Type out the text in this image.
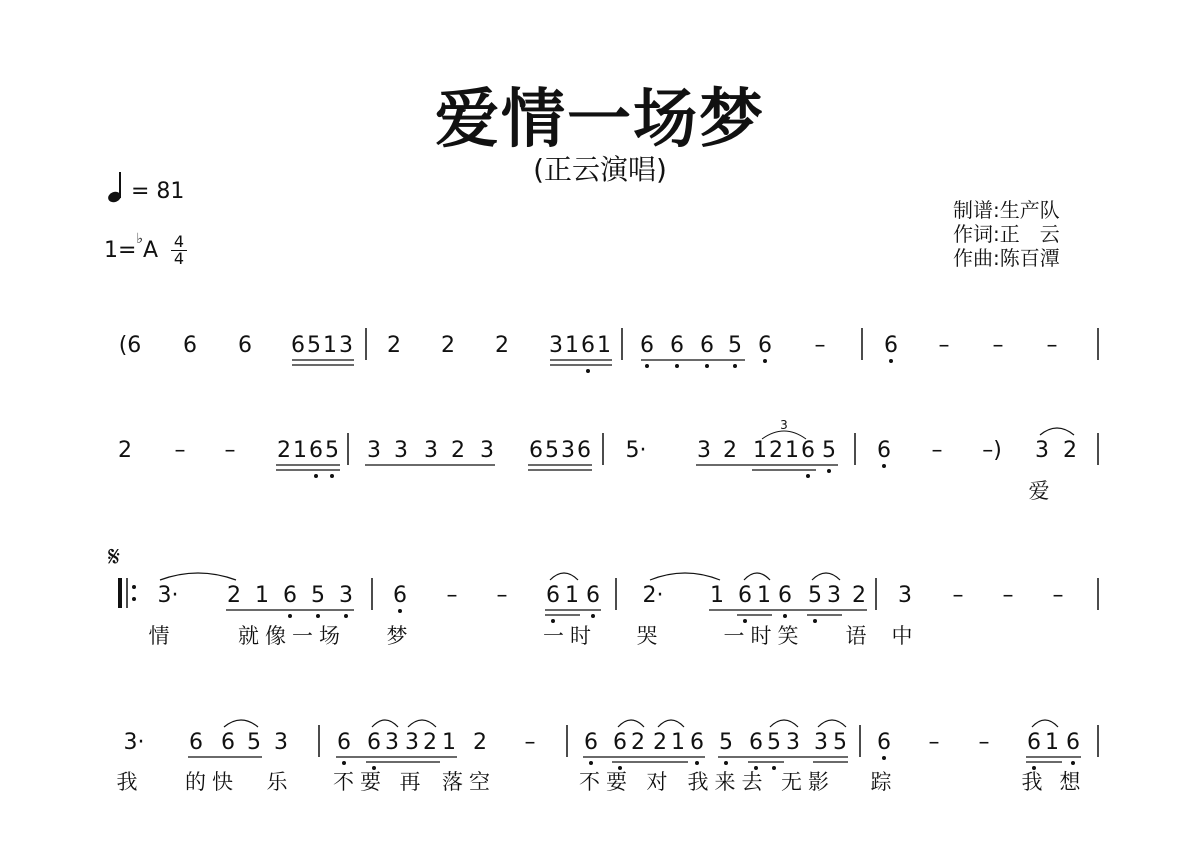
爱情一场梦
(正云演唱)
= 81
1=♭A 4
4
制谱:生产队
作词:正　云
作曲:陈百潭
(6 6 6 6 5 1 3 2 2 2 3 1 6 1 6 6 6 5 6 –	6 – – –
2 – – 2 1 6 5 3 3 3 2 3 6 5 3 6 5· 3 2 1 2 1 6 5 6 – –) 3 2
3
爱
3· 2 1 6 5 3 6 – – 6 1 6 2· 1 6 1 6 5 3 2 3 – – –
情	就像一场 梦	一时 哭	一时笑 语 中
3· 6 6 5 3 6 6 3 3 2 1 2 – 6 6 2 2 1 6 5 6 5 3 3 5 6 – – 6 1 6
我 的快 乐 不要 再 落空	不要 对 我来去 无影 踪	我 想
𝄋
